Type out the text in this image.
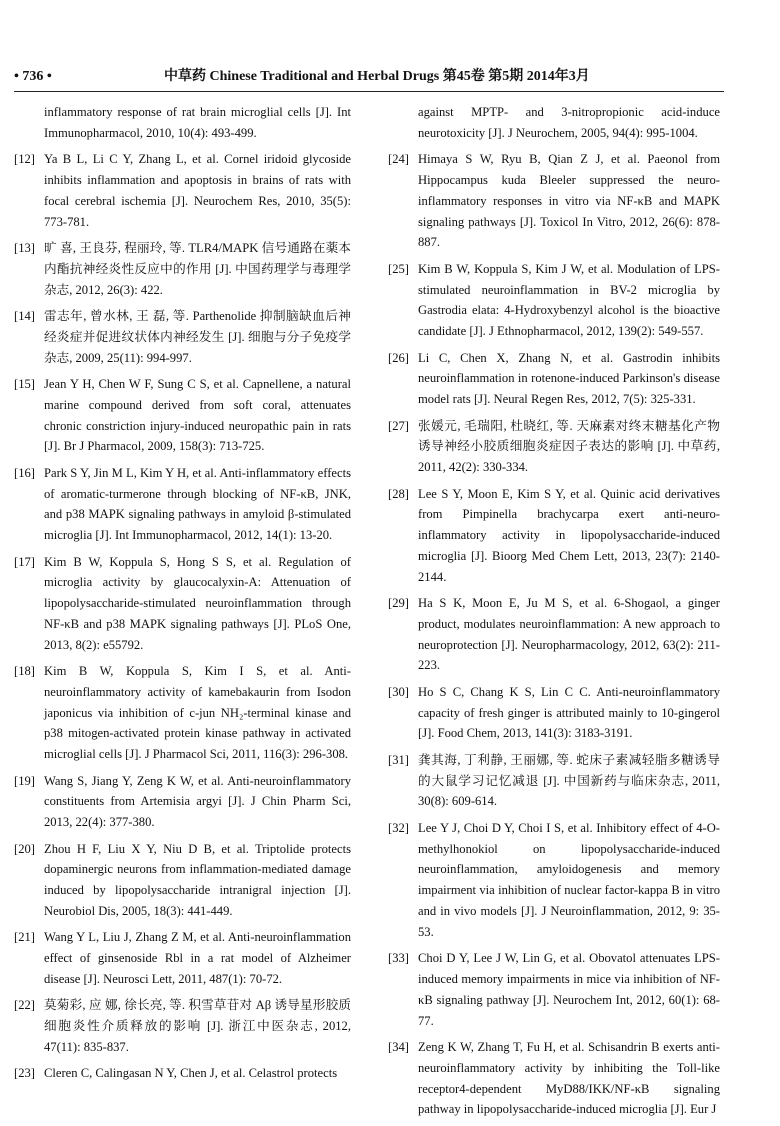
• 736 •	中草药 Chinese Traditional and Herbal Drugs 第45卷 第5期 2014年3月
inflammatory response of rat brain microglial cells [J]. Int Immunopharmacol, 2010, 10(4): 493-499.
[12] Ya B L, Li C Y, Zhang L, et al. Cornel iridoid glycoside inhibits inflammation and apoptosis in brains of rats with focal cerebral ischemia [J]. Neurochem Res, 2010, 35(5): 773-781.
[13] 旷 喜, 王良芬, 程丽玲, 等. TLR4/MAPK 信号通路在薬本内酯抗神经炎性反应中的作用 [J]. 中国药理学与毒理学杂志, 2012, 26(3): 422.
[14] 雷志年, 曾水林, 王 磊, 等. Parthenolide 抑制脑缺血后神经炎症并促进纹状体内神经发生 [J]. 细胞与分子免疫学杂志, 2009, 25(11): 994-997.
[15] Jean Y H, Chen W F, Sung C S, et al. Capnellene, a natural marine compound derived from soft coral, attenuates chronic constriction injury-induced neuropathic pain in rats [J]. Br J Pharmacol, 2009, 158(3): 713-725.
[16] Park S Y, Jin M L, Kim Y H, et al. Anti-inflammatory effects of aromatic-turmerone through blocking of NF-κB, JNK, and p38 MAPK signaling pathways in amyloid β-stimulated microglia [J]. Int Immunopharmacol, 2012, 14(1): 13-20.
[17] Kim B W, Koppula S, Hong S S, et al. Regulation of microglia activity by glaucocalyxin-A: Attenuation of lipopolysaccharide-stimulated neuroinflammation through NF-κB and p38 MAPK signaling pathways [J]. PLoS One, 2013, 8(2): e55792.
[18] Kim B W, Koppula S, Kim I S, et al. Anti-neuroinflammatory activity of kamebakaurin from Isodon japonicus via inhibition of c-jun NH₂-terminal kinase and p38 mitogen-activated protein kinase pathway in activated microglial cells [J]. J Pharmacol Sci, 2011, 116(3): 296-308.
[19] Wang S, Jiang Y, Zeng K W, et al. Anti-neuroinflammatory constituents from Artemisia argyi [J]. J Chin Pharm Sci, 2013, 22(4): 377-380.
[20] Zhou H F, Liu X Y, Niu D B, et al. Triptolide protects dopaminergic neurons from inflammation-mediated damage induced by lipopolysaccharide intranigral injection [J]. Neurobiol Dis, 2005, 18(3): 441-449.
[21] Wang Y L, Liu J, Zhang Z M, et al. Anti-neuroinflammation effect of ginsenoside Rbl in a rat model of Alzheimer disease [J]. Neurosci Lett, 2011, 487(1): 70-72.
[22] 莫菊彩, 应 娜, 徐长亮, 等. 积雪草苷对 Aβ 诱导星形胶质细胞炎性介质释放的影响 [J]. 浙江中医杂志, 2012, 47(11): 835-837.
[23] Cleren C, Calingasan N Y, Chen J, et al. Celastrol protects
against MPTP- and 3-nitropropionic acid-induce neurotoxicity [J]. J Neurochem, 2005, 94(4): 995-1004.
[24] Himaya S W, Ryu B, Qian Z J, et al. Paeonol from Hippocampus kuda Bleeler suppressed the neuro-inflammatory responses in vitro via NF-κB and MAPK signaling pathways [J]. Toxicol In Vitro, 2012, 26(6): 878-887.
[25] Kim B W, Koppula S, Kim J W, et al. Modulation of LPS-stimulated neuroinflammation in BV-2 microglia by Gastrodia elata: 4-Hydroxybenzyl alcohol is the bioactive candidate [J]. J Ethnopharmacol, 2012, 139(2): 549-557.
[26] Li C, Chen X, Zhang N, et al. Gastrodin inhibits neuroinflammation in rotenone-induced Parkinson's disease model rats [J]. Neural Regen Res, 2012, 7(5): 325-331.
[27] 张媛元, 毛瑞阳, 杜晓红, 等. 天麻素对终末糖基化产物诱导神经小胶质细胞炎症因子表达的影响 [J]. 中草药, 2011, 42(2): 330-334.
[28] Lee S Y, Moon E, Kim S Y, et al. Quinic acid derivatives from Pimpinella brachycarpa exert anti-neuro-inflammatory activity in lipopolysaccharide-induced microglia [J]. Bioorg Med Chem Lett, 2013, 23(7): 2140-2144.
[29] Ha S K, Moon E, Ju M S, et al. 6-Shogaol, a ginger product, modulates neuroinflammation: A new approach to neuroprotection [J]. Neuropharmacology, 2012, 63(2): 211-223.
[30] Ho S C, Chang K S, Lin C C. Anti-neuroinflammatory capacity of fresh ginger is attributed mainly to 10-gingerol [J]. Food Chem, 2013, 141(3): 3183-3191.
[31] 龚其海, 丁利静, 王丽娜, 等. 蛇床子素减轻脂多糖诱导的大鼠学习记忆减退 [J]. 中国新药与临床杂志, 2011, 30(8): 609-614.
[32] Lee Y J, Choi D Y, Choi I S, et al. Inhibitory effect of 4-O-methylhonokiol on lipopolysaccharide-induced neuroinflammation, amyloidogenesis and memory impairment via inhibition of nuclear factor-kappa B in vitro and in vivo models [J]. J Neuroinflammation, 2012, 9: 35-53.
[33] Choi D Y, Lee J W, Lin G, et al. Obovatol attenuates LPS-induced memory impairments in mice via inhibition of NF-κB signaling pathway [J]. Neurochem Int, 2012, 60(1): 68-77.
[34] Zeng K W, Zhang T, Fu H, et al. Schisandrin B exerts anti-neuroinflammatory activity by inhibiting the Toll-like receptor4-dependent MyD88/IKK/NF-κB signaling pathway in lipopolysaccharide-induced microglia [J]. Eur J
